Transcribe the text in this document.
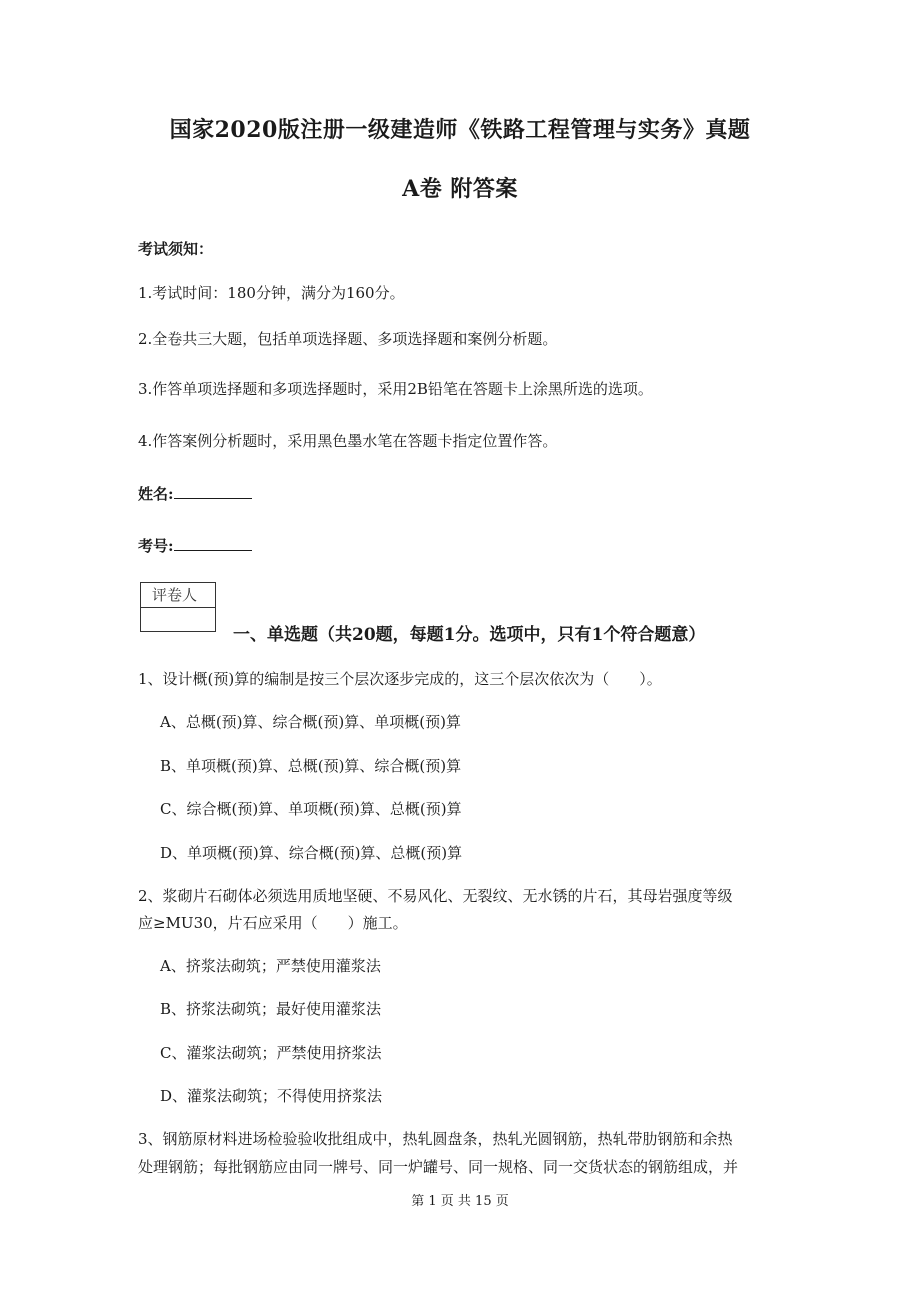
国家2020版注册一级建造师《铁路工程管理与实务》真题
A卷 附答案
考试须知：
1.考试时间：180分钟，满分为160分。
2.全卷共三大题，包括单项选择题、多项选择题和案例分析题。
3.作答单项选择题和多项选择题时，采用2B铅笔在答题卡上涂黑所选的选项。
4.作答案例分析题时，采用黑色墨水笔在答题卡指定位置作答。
姓名:
考号:
评卷人
一、单选题（共20题，每题1分。选项中，只有1个符合题意）
1、设计概(预)算的编制是按三个层次逐步完成的，这三个层次依次为（　　）。
A、总概(预)算、综合概(预)算、单项概(预)算
B、单项概(预)算、总概(预)算、综合概(预)算
C、综合概(预)算、单项概(预)算、总概(预)算
D、单项概(预)算、综合概(预)算、总概(预)算
2、浆砌片石砌体必须选用质地坚硬、不易风化、无裂纹、无水锈的片石，其母岩强度等级
应≥MU30，片石应采用（　　）施工。
A、挤浆法砌筑；严禁使用灌浆法
B、挤浆法砌筑；最好使用灌浆法
C、灌浆法砌筑；严禁使用挤浆法
D、灌浆法砌筑；不得使用挤浆法
3、钢筋原材料进场检验验收批组成中，热轧圆盘条，热轧光圆钢筋，热轧带肋钢筋和余热
处理钢筋；每批钢筋应由同一牌号、同一炉罐号、同一规格、同一交货状态的钢筋组成，并
第 1 页 共 15 页
